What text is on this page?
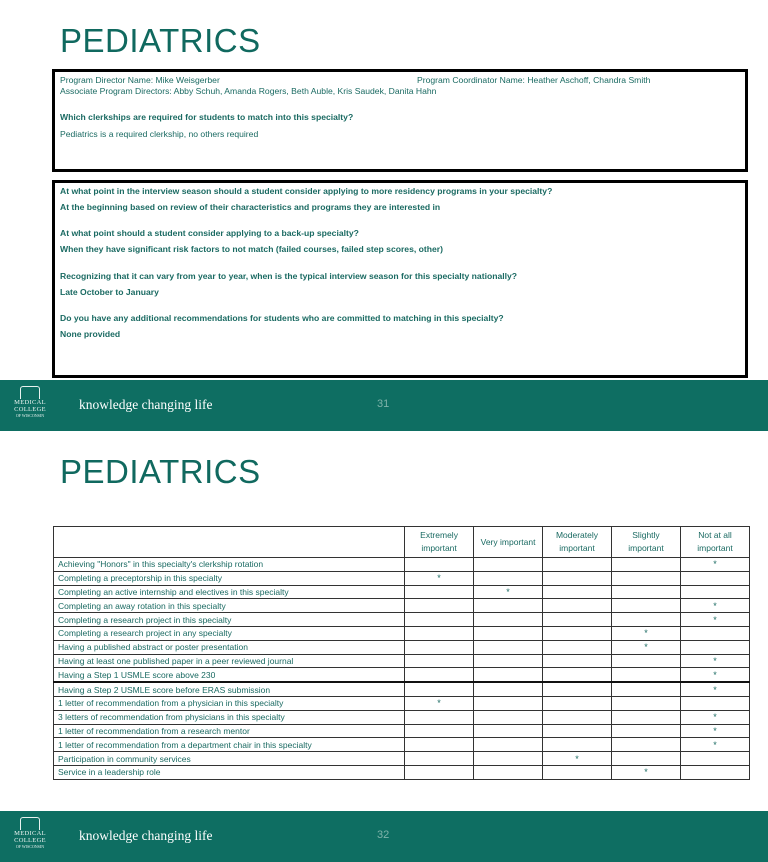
PEDIATRICS
Program Director Name: Mike Weisgerber	Program Coordinator Name: Heather Aschoff, Chandra Smith
Associate Program Directors: Abby Schuh, Amanda Rogers, Beth Auble, Kris Saudek, Danita Hahn
Which clerkships are required for students to match into this specialty?
Pediatrics is a required clerkship, no others required
At what point in the interview season should a student consider applying to more residency programs in your specialty?
At the beginning based on review of their characteristics and programs they are interested in
At what point should a student consider applying to a back-up specialty?
When they have significant risk factors to not match (failed courses, failed step scores, other)
Recognizing that it can vary from year to year, when is the typical interview season for this specialty nationally?
Late October to January
Do you have any additional recommendations for students who are committed to matching in this specialty?
None provided
MEDICAL
COLLEGE
OF WISCONSIN
knowledge changing life	31
PEDIATRICS
	Extremely important	Very important	Moderately important	Slightly important	Not at all important
Achieving "Honors" in this specialty's clerkship rotation					*
Completing a preceptorship in this specialty	*				
Completing an active internship and electives in this specialty		*			
Completing an away rotation in this specialty					*
Completing a research project in this specialty					*
Completing a research project in any specialty				*	
Having a published abstract or poster presentation				*	
Having at least one published paper in a peer reviewed journal					*
Having a Step 1 USMLE score above 230					*
Having a Step 2 USMLE score before ERAS submission					*
1 letter of recommendation from a physician in this specialty	*				
3 letters of recommendation from physicians in this specialty					*
1 letter of recommendation from a research mentor					*
1 letter of recommendation from a department chair in this specialty					*
Participation in community services			*		
Service in a leadership role				*	
MEDICAL
COLLEGE
OF WISCONSIN
knowledge changing life	32
